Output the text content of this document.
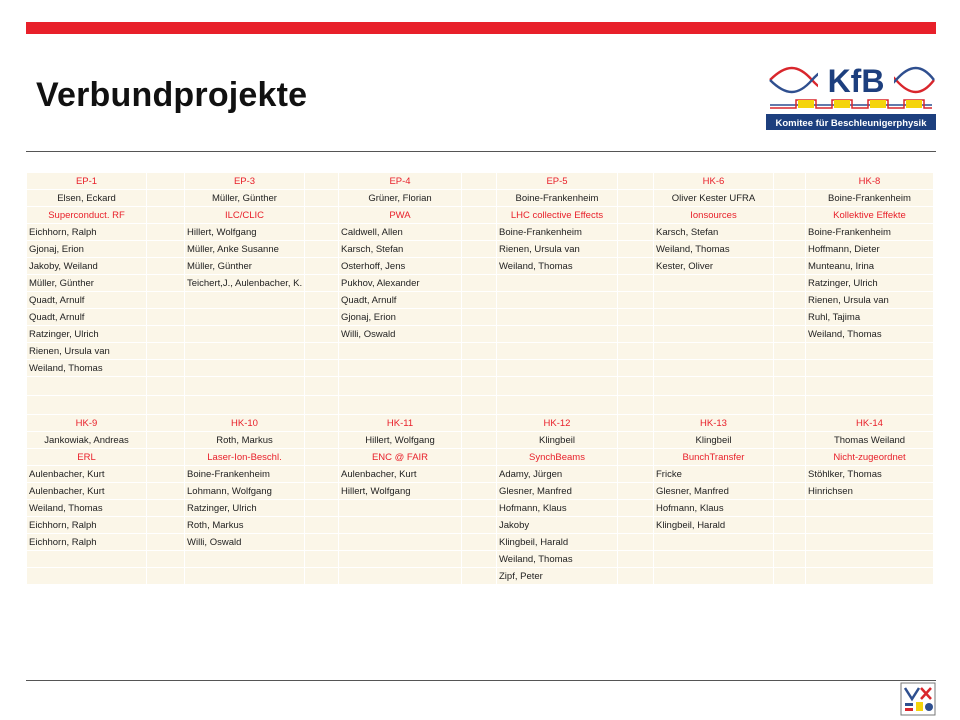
Verbundprojekte	KfB
Komitee für Beschleunigerphysik
EP-1		EP-3		EP-4		EP-5		HK-6		HK-8
Elsen, Eckard		Müller, Günther		Grüner, Florian		Boine-Frankenheim		Oliver Kester UFRA		Boine-Frankenheim
Superconduct. RF		ILC/CLIC		PWA		LHC collective Effects		Ionsources		Kollektive Effekte
Eichhorn, Ralph		Hillert, Wolfgang		Caldwell, Allen		Boine-Frankenheim		Karsch, Stefan		Boine-Frankenheim
Gjonaj, Erion		Müller, Anke Susanne		Karsch, Stefan		Rienen, Ursula van		Weiland, Thomas		Hoffmann, Dieter
Jakoby, Weiland		Müller, Günther		Osterhoff, Jens		Weiland, Thomas		Kester, Oliver		Munteanu, Irina
Müller, Günther		Teichert,J., Aulenbacher, K.		Pukhov, Alexander						Ratzinger, Ulrich
Quadt, Arnulf				Quadt, Arnulf						Rienen, Ursula van
Quadt, Arnulf				Gjonaj, Erion						Ruhl, Tajima
Ratzinger, Ulrich				Willi, Oswald						Weiland, Thomas
Rienen, Ursula van										
Weiland, Thomas										

HK-9		HK-10		HK-11		HK-12		HK-13		HK-14
Jankowiak, Andreas		Roth, Markus		Hillert, Wolfgang		Klingbeil		Klingbeil		Thomas Weiland
ERL		Laser-Ion-Beschl.		ENC @ FAIR		SynchBeams		BunchTransfer		Nicht-zugeordnet
Aulenbacher, Kurt		Boine-Frankenheim		Aulenbacher, Kurt		Adamy, Jürgen		Fricke		Stöhlker, Thomas
Aulenbacher, Kurt		Lohmann, Wolfgang		Hillert, Wolfgang		Glesner, Manfred		Glesner, Manfred		Hinrichsen
Weiland, Thomas		Ratzinger, Ulrich				Hofmann, Klaus		Hofmann, Klaus		
Eichhorn, Ralph		Roth, Markus				Jakoby		Klingbeil, Harald		
Eichhorn, Ralph		Willi, Oswald				Klingbeil, Harald				
						Weiland, Thomas				
						Zipf, Peter				
